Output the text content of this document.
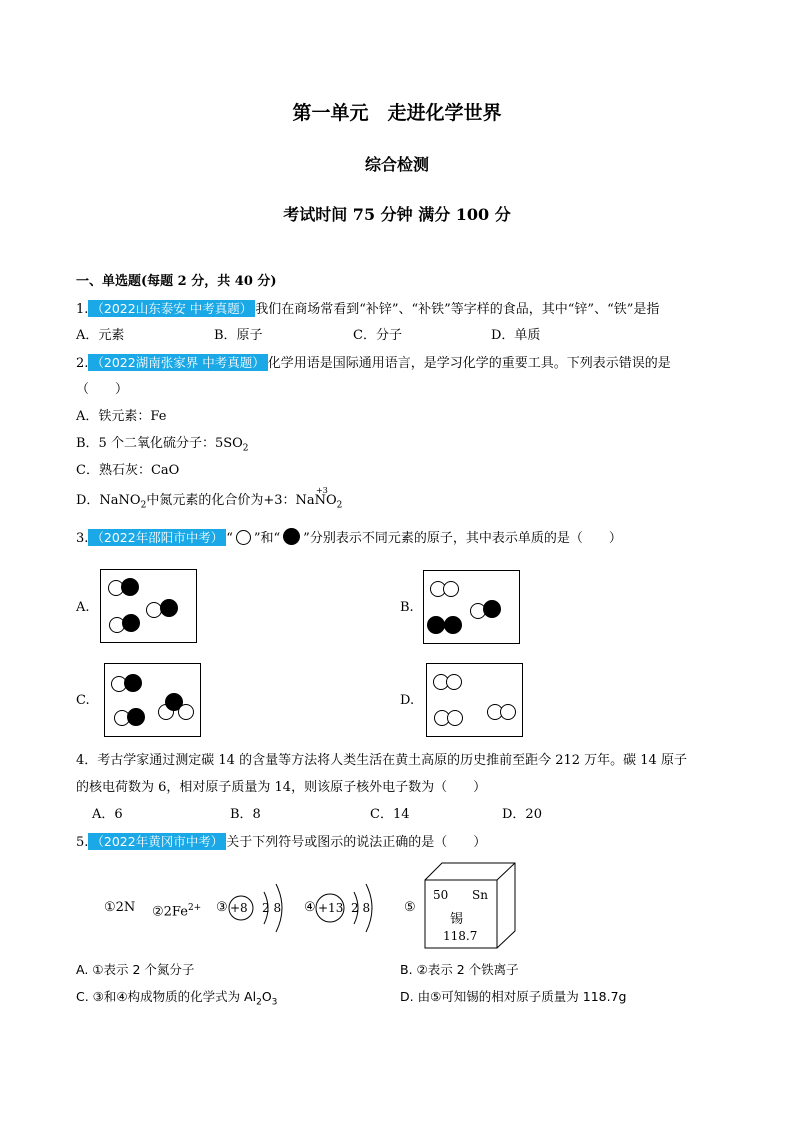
第一单元　走进化学世界
综合检测
考试时间 75 分钟 满分 100 分
一、单选题(每题 2 分，共 40 分)
1. （2022山东泰安 中考真题） 我们在商场常看到“补锌”、“补铁”等字样的食品，其中“锌”、“铁”是指
A．元素	B．原子	C．分子	D．单质
2. （2022湖南张家界 中考真题） 化学用语是国际通用语言，是学习化学的重要工具。下列表示错误的是
（　　）
A．铁元素：Fe
B．5 个二氧化硫分子：$5SO_2$
C．熟石灰：CaO
D．NaNO$_2$中氮元素的化合价为+3：NaNO$_2$
+3
3. （2022年邵阳市中考） “ ”和“ ”分别表示不同元素的原子，其中表示单质的是（　　）
A.	B.
C.	D.
4．考古学家通过测定碳 14 的含量等方法将人类生活在黄土高原的历史推前至距今 212 万年。碳 14 原子
的核电荷数为 6，相对原子质量为 14，则该原子核外电子数为（　　）
A．6	B．8	C．14	D．20
5. （2022年黄冈市中考） 关于下列符号或图示的说法正确的是（　　）
①2N $②2Fe^{2+}$ ③ +8 2 8 ④ +13 2 8	⑤
50 Sn
锡
118.7
A. ①表示 2 个氮分子	B. ②表示 2 个铁离子
C. ③和④构成物质的化学式为 $Al_2O_3$	D. 由⑤可知锡的相对原子质量为 118.7g
